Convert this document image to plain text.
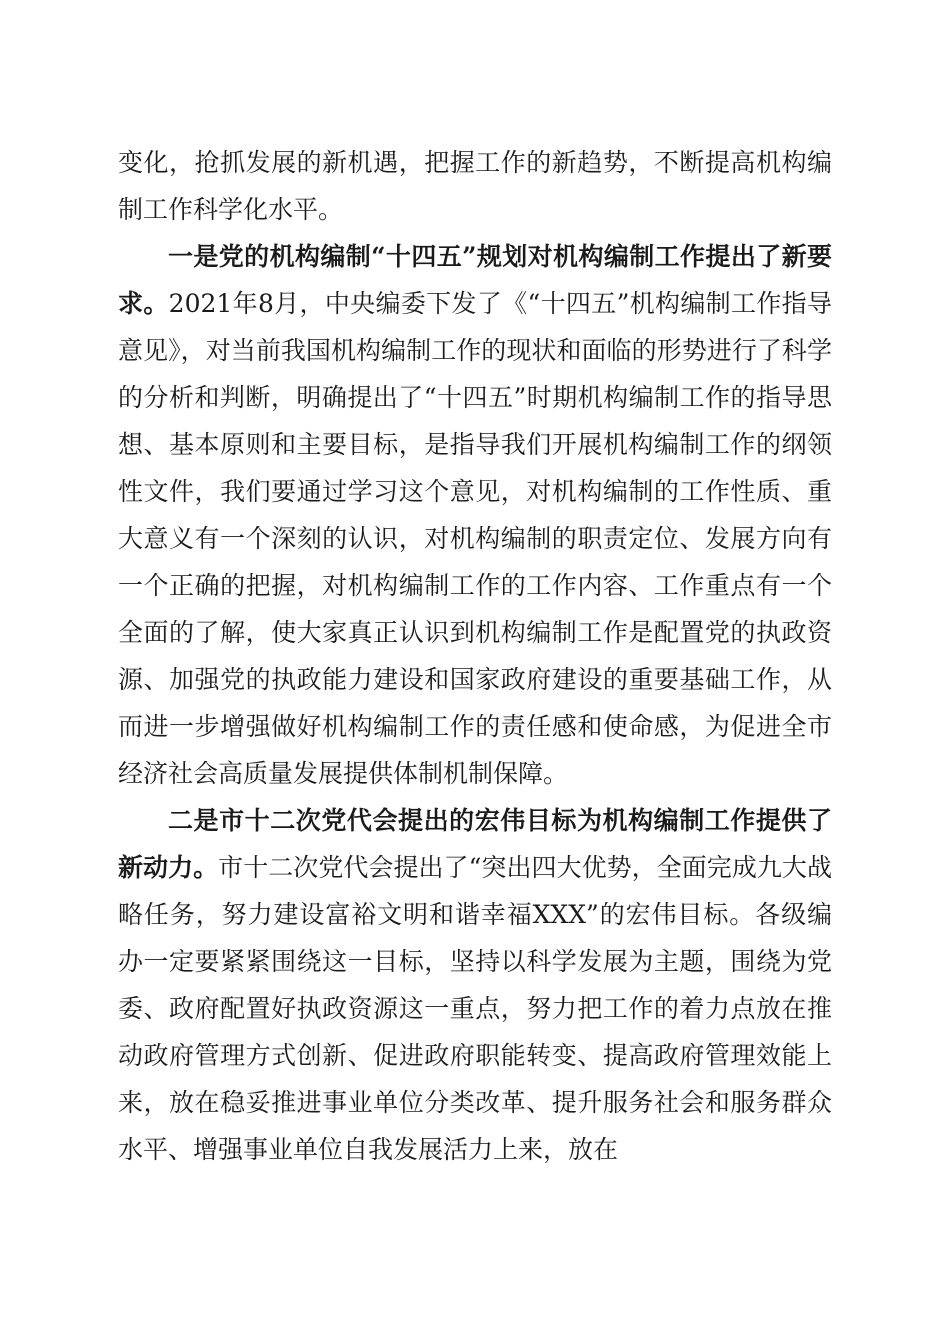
变化，抢抓发展的新机遇，把握工作的新趋势，不断提高机构编制工作科学化水平。

一是党的机构编制“十四五”规划对机构编制工作提出了新要求。2021年8月，中央编委下发了《“十四五”机构编制工作指导意见》，对当前我国机构编制工作的现状和面临的形势进行了科学的分析和判断，明确提出了“十四五”时期机构编制工作的指导思想、基本原则和主要目标，是指导我们开展机构编制工作的纲领性文件，我们要通过学习这个意见，对机构编制的工作性质、重大意义有一个深刻的认识，对机构编制的职责定位、发展方向有一个正确的把握，对机构编制工作的工作内容、工作重点有一个全面的了解，使大家真正认识到机构编制工作是配置党的执政资源、加强党的执政能力建设和国家政府建设的重要基础工作，从而进一步增强做好机构编制工作的责任感和使命感，为促进全市经济社会高质量发展提供体制机制保障。

二是市十二次党代会提出的宏伟目标为机构编制工作提供了新动力。市十二次党代会提出了“突出四大优势，全面完成九大战略任务，努力建设富裕文明和谐幸福XXX”的宏伟目标。各级编办一定要紧紧围绕这一目标，坚持以科学发展为主题，围绕为党委、政府配置好执政资源这一重点，努力把工作的着力点放在推动政府管理方式创新、促进政府职能转变、提高政府管理效能上来，放在稳妥推进事业单位分类改革、提升服务社会和服务群众水平、增强事业单位自我发展活力上来，放在
